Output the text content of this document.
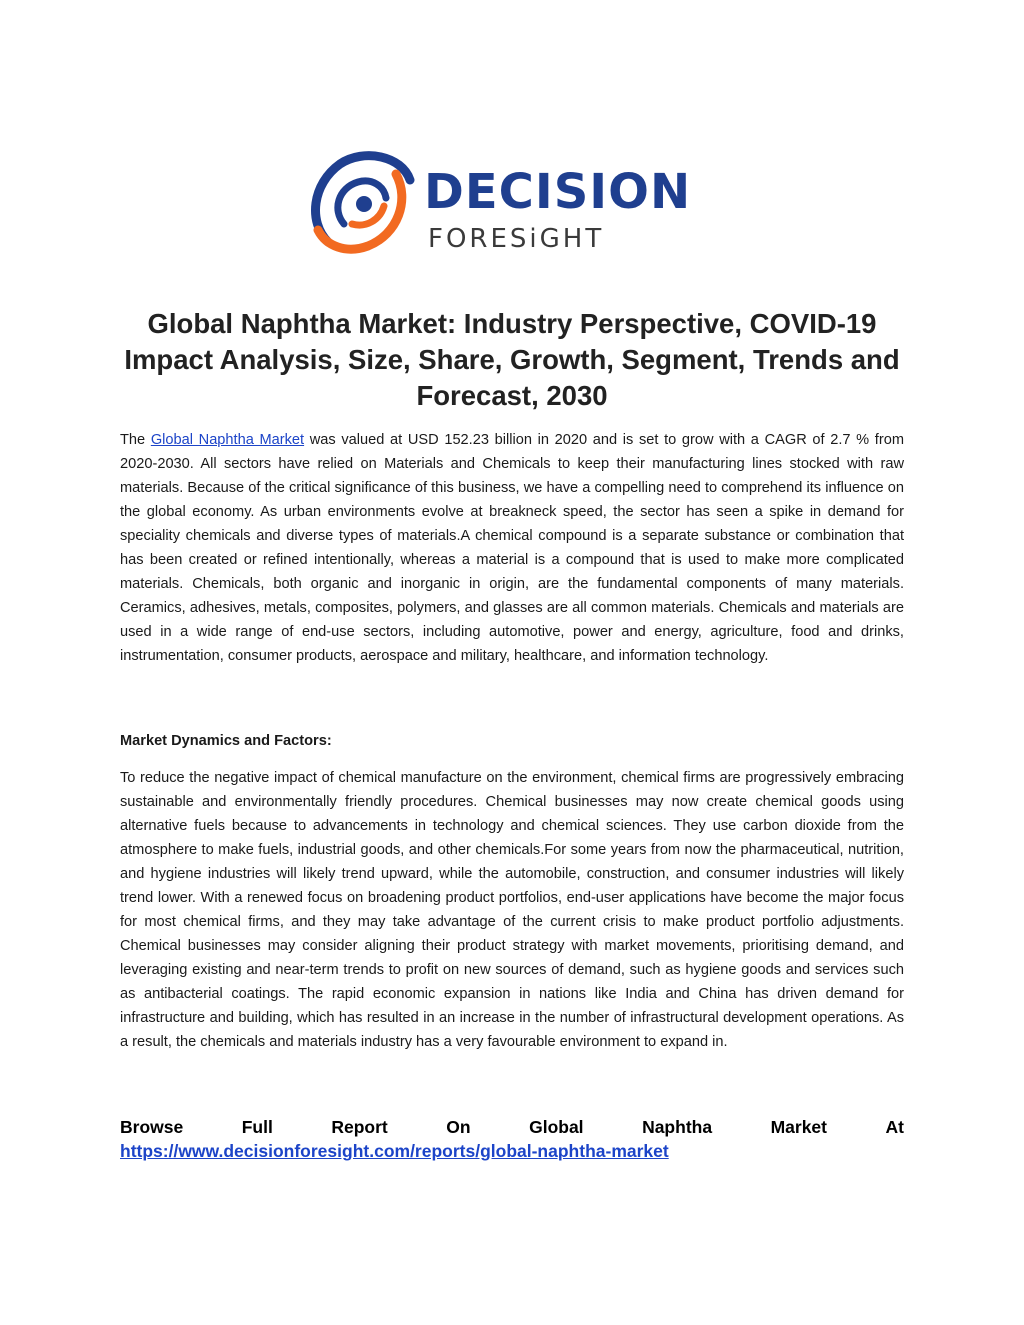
DECISION
FORESiGHT
Global Naphtha Market: Industry Perspective, COVID-19 Impact Analysis, Size, Share, Growth, Segment, Trends and Forecast, 2030

The Global Naphtha Market was valued at USD 152.23 billion in 2020 and is set to grow with a CAGR of 2.7 % from 2020-2030. All sectors have relied on Materials and Chemicals to keep their manufacturing lines stocked with raw materials. Because of the critical significance of this business, we have a compelling need to comprehend its influence on the global economy. As urban environments evolve at breakneck speed, the sector has seen a spike in demand for speciality chemicals and diverse types of materials.A chemical compound is a separate substance or combination that has been created or refined intentionally, whereas a material is a compound that is used to make more complicated materials. Chemicals, both organic and inorganic in origin, are the fundamental components of many materials. Ceramics, adhesives, metals, composites, polymers, and glasses are all common materials. Chemicals and materials are used in a wide range of end-use sectors, including automotive, power and energy, agriculture, food and drinks, instrumentation, consumer products, aerospace and military, healthcare, and information technology.

Market Dynamics and Factors:

To reduce the negative impact of chemical manufacture on the environment, chemical firms are progressively embracing sustainable and environmentally friendly procedures. Chemical businesses may now create chemical goods using alternative fuels because to advancements in technology and chemical sciences. They use carbon dioxide from the atmosphere to make fuels, industrial goods, and other chemicals.For some years from now the pharmaceutical, nutrition, and hygiene industries will likely trend upward, while the automobile, construction, and consumer industries will likely trend lower. With a renewed focus on broadening product portfolios, end-user applications have become the major focus for most chemical firms, and they may take advantage of the current crisis to make product portfolio adjustments. Chemical businesses may consider aligning their product strategy with market movements, prioritising demand, and leveraging existing and near-term trends to profit on new sources of demand, such as hygiene goods and services such as antibacterial coatings. The rapid economic expansion in nations like India and China has driven demand for infrastructure and building, which has resulted in an increase in the number of infrastructural development operations. As a result, the chemicals and materials industry has a very favourable environment to expand in.

Browse	Full	Report	On	Global	Naphtha	Market	At
https://www.decisionforesight.com/reports/global-naphtha-market
